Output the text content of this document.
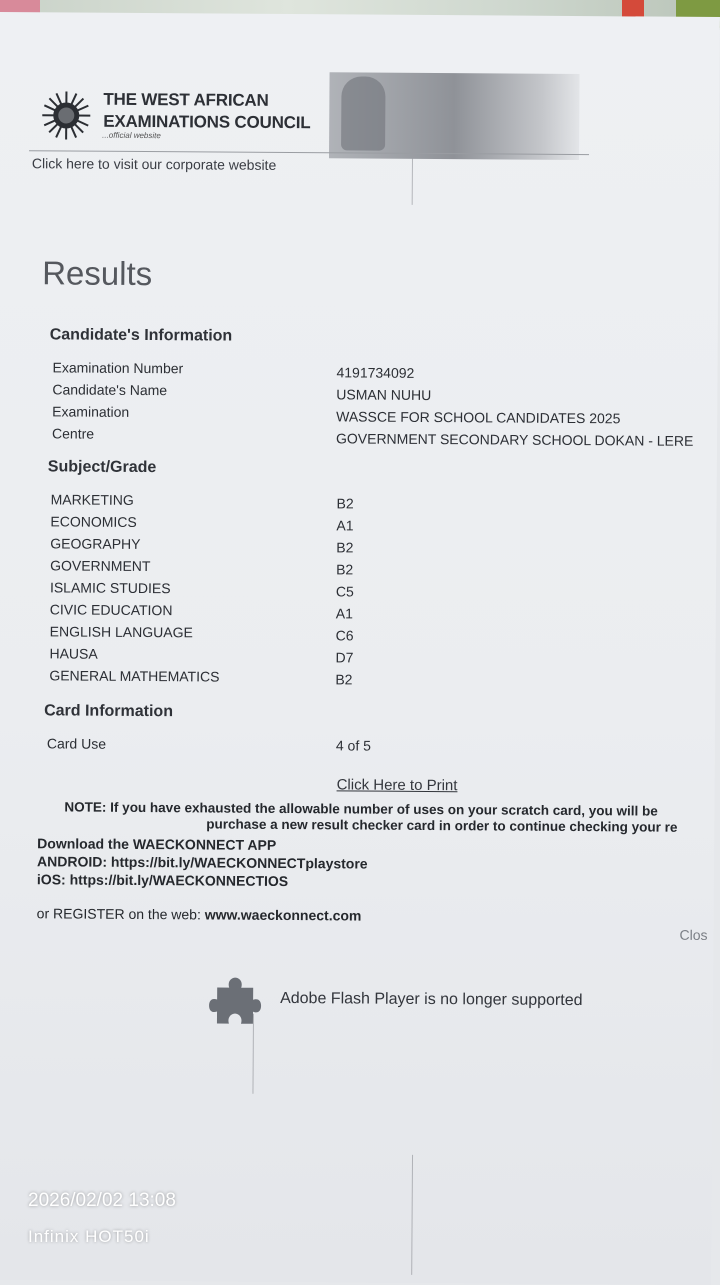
THE WEST AFRICAN
EXAMINATIONS COUNCIL
...official website
Click here to visit our corporate website
Results
Candidate's Information
Examination Number	4191734092
Candidate's Name	USMAN NUHU
Examination	WASSCE FOR SCHOOL CANDIDATES 2025
Centre	GOVERNMENT SECONDARY SCHOOL DOKAN - LERE
Subject/Grade
MARKETING	B2
ECONOMICS	A1
GEOGRAPHY	B2
GOVERNMENT	B2
ISLAMIC STUDIES	C5
CIVIC EDUCATION	A1
ENGLISH LANGUAGE	C6
HAUSA	D7
GENERAL MATHEMATICS	B2
Card Information
Card Use	4 of 5
Click Here to Print
NOTE: If you have exhausted the allowable number of uses on your scratch card, you will be
purchase a new result checker card in order to continue checking your re
Download the WAECKONNECT APP
ANDROID: https://bit.ly/WAECKONNECTplaystore
iOS: https://bit.ly/WAECKONNECTIOS
or REGISTER on the web: www.waeckonnect.com
Clos
Adobe Flash Player is no longer supported
2026/02/02 13:08
Infinix HOT50i
